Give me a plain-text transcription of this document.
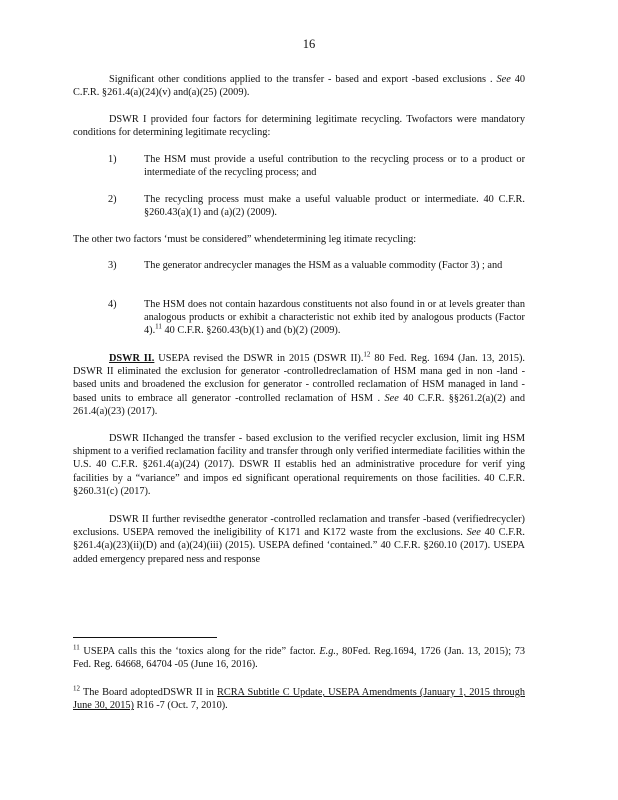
16

Significant other conditions applied to the transfer - based and export -based exclusions . See 40 C.F.R. §261.4(a)(24)(v) and(a)(25) (2009).

DSWR I provided four factors for determining legitimate recycling. Twofactors were mandatory conditions for determining legitimate recycling:

1)	The HSM must provide a useful contribution to the recycling process or to a product or intermediate of the recycling process; and
2)	The recycling process must make a useful valuable product or intermediate. 40 C.F.R. §260.43(a)(1) and (a)(2) (2009).

The other two factors ‘must be considered” whendetermining leg itimate recycling:

3)	The generator andrecycler manages the HSM as a valuable commodity (Factor 3) ; and
4)	The HSM does not contain hazardous constituents not also found in or at levels greater than analogous products or exhibit a characteristic not exhib ited by analogous products (Factor 4).$^{11}$ 40 C.F.R. §260.43(b)(1) and (b)(2) (2009).

DSWR II. USEPA revised the DSWR in 2015 (DSWR II).$^{12}$ 80 Fed. Reg. 1694 (Jan. 13, 2015). DSWR II eliminated the exclusion for generator -controlledreclamation of HSM mana ged in non -land -based units and broadened the exclusion for generator - controlled reclamation of HSM managed in land -based units to embrace all generator -controlled reclamation of HSM . See 40 C.F.R. §§261.2(a)(2) and 261.4(a)(23) (2017).

DSWR IIchanged the transfer - based exclusion to the verified recycler exclusion, limit ing HSM shipment to a verified reclamation facility and transfer through only verified intermediate facilities within the U.S. 40 C.F.R. §261.4(a)(24) (2017). DSWR II establis hed an administrative procedure for verif ying facilities by a “variance” and impos ed significant operational requirements on those facilities. 40 C.F.R. §260.31(c) (2017).

DSWR II further revisedthe generator -controlled reclamation and transfer -based (verifiedrecycler) exclusions. USEPA removed the ineligibility of K171 and K172 waste from the exclusions. See 40 C.F.R. §261.4(a)(23)(ii)(D) and (a)(24)(iii) (2015). USEPA defined ‘contained.” 40 C.F.R. §260.10 (2017). USEPA added emergency prepared ness and response

$^{11}$ USEPA calls this the ‘toxics along for the ride” factor. E.g., 80Fed. Reg.1694, 1726 (Jan. 13, 2015); 73 Fed. Reg. 64668, 64704 -05 (June 16, 2016).
$^{12}$ The Board adoptedDSWR II in RCRA Subtitle C Update, USEPA Amendments (January 1, 2015 through June 30, 2015) R16 -7 (Oct. 7, 2010).
